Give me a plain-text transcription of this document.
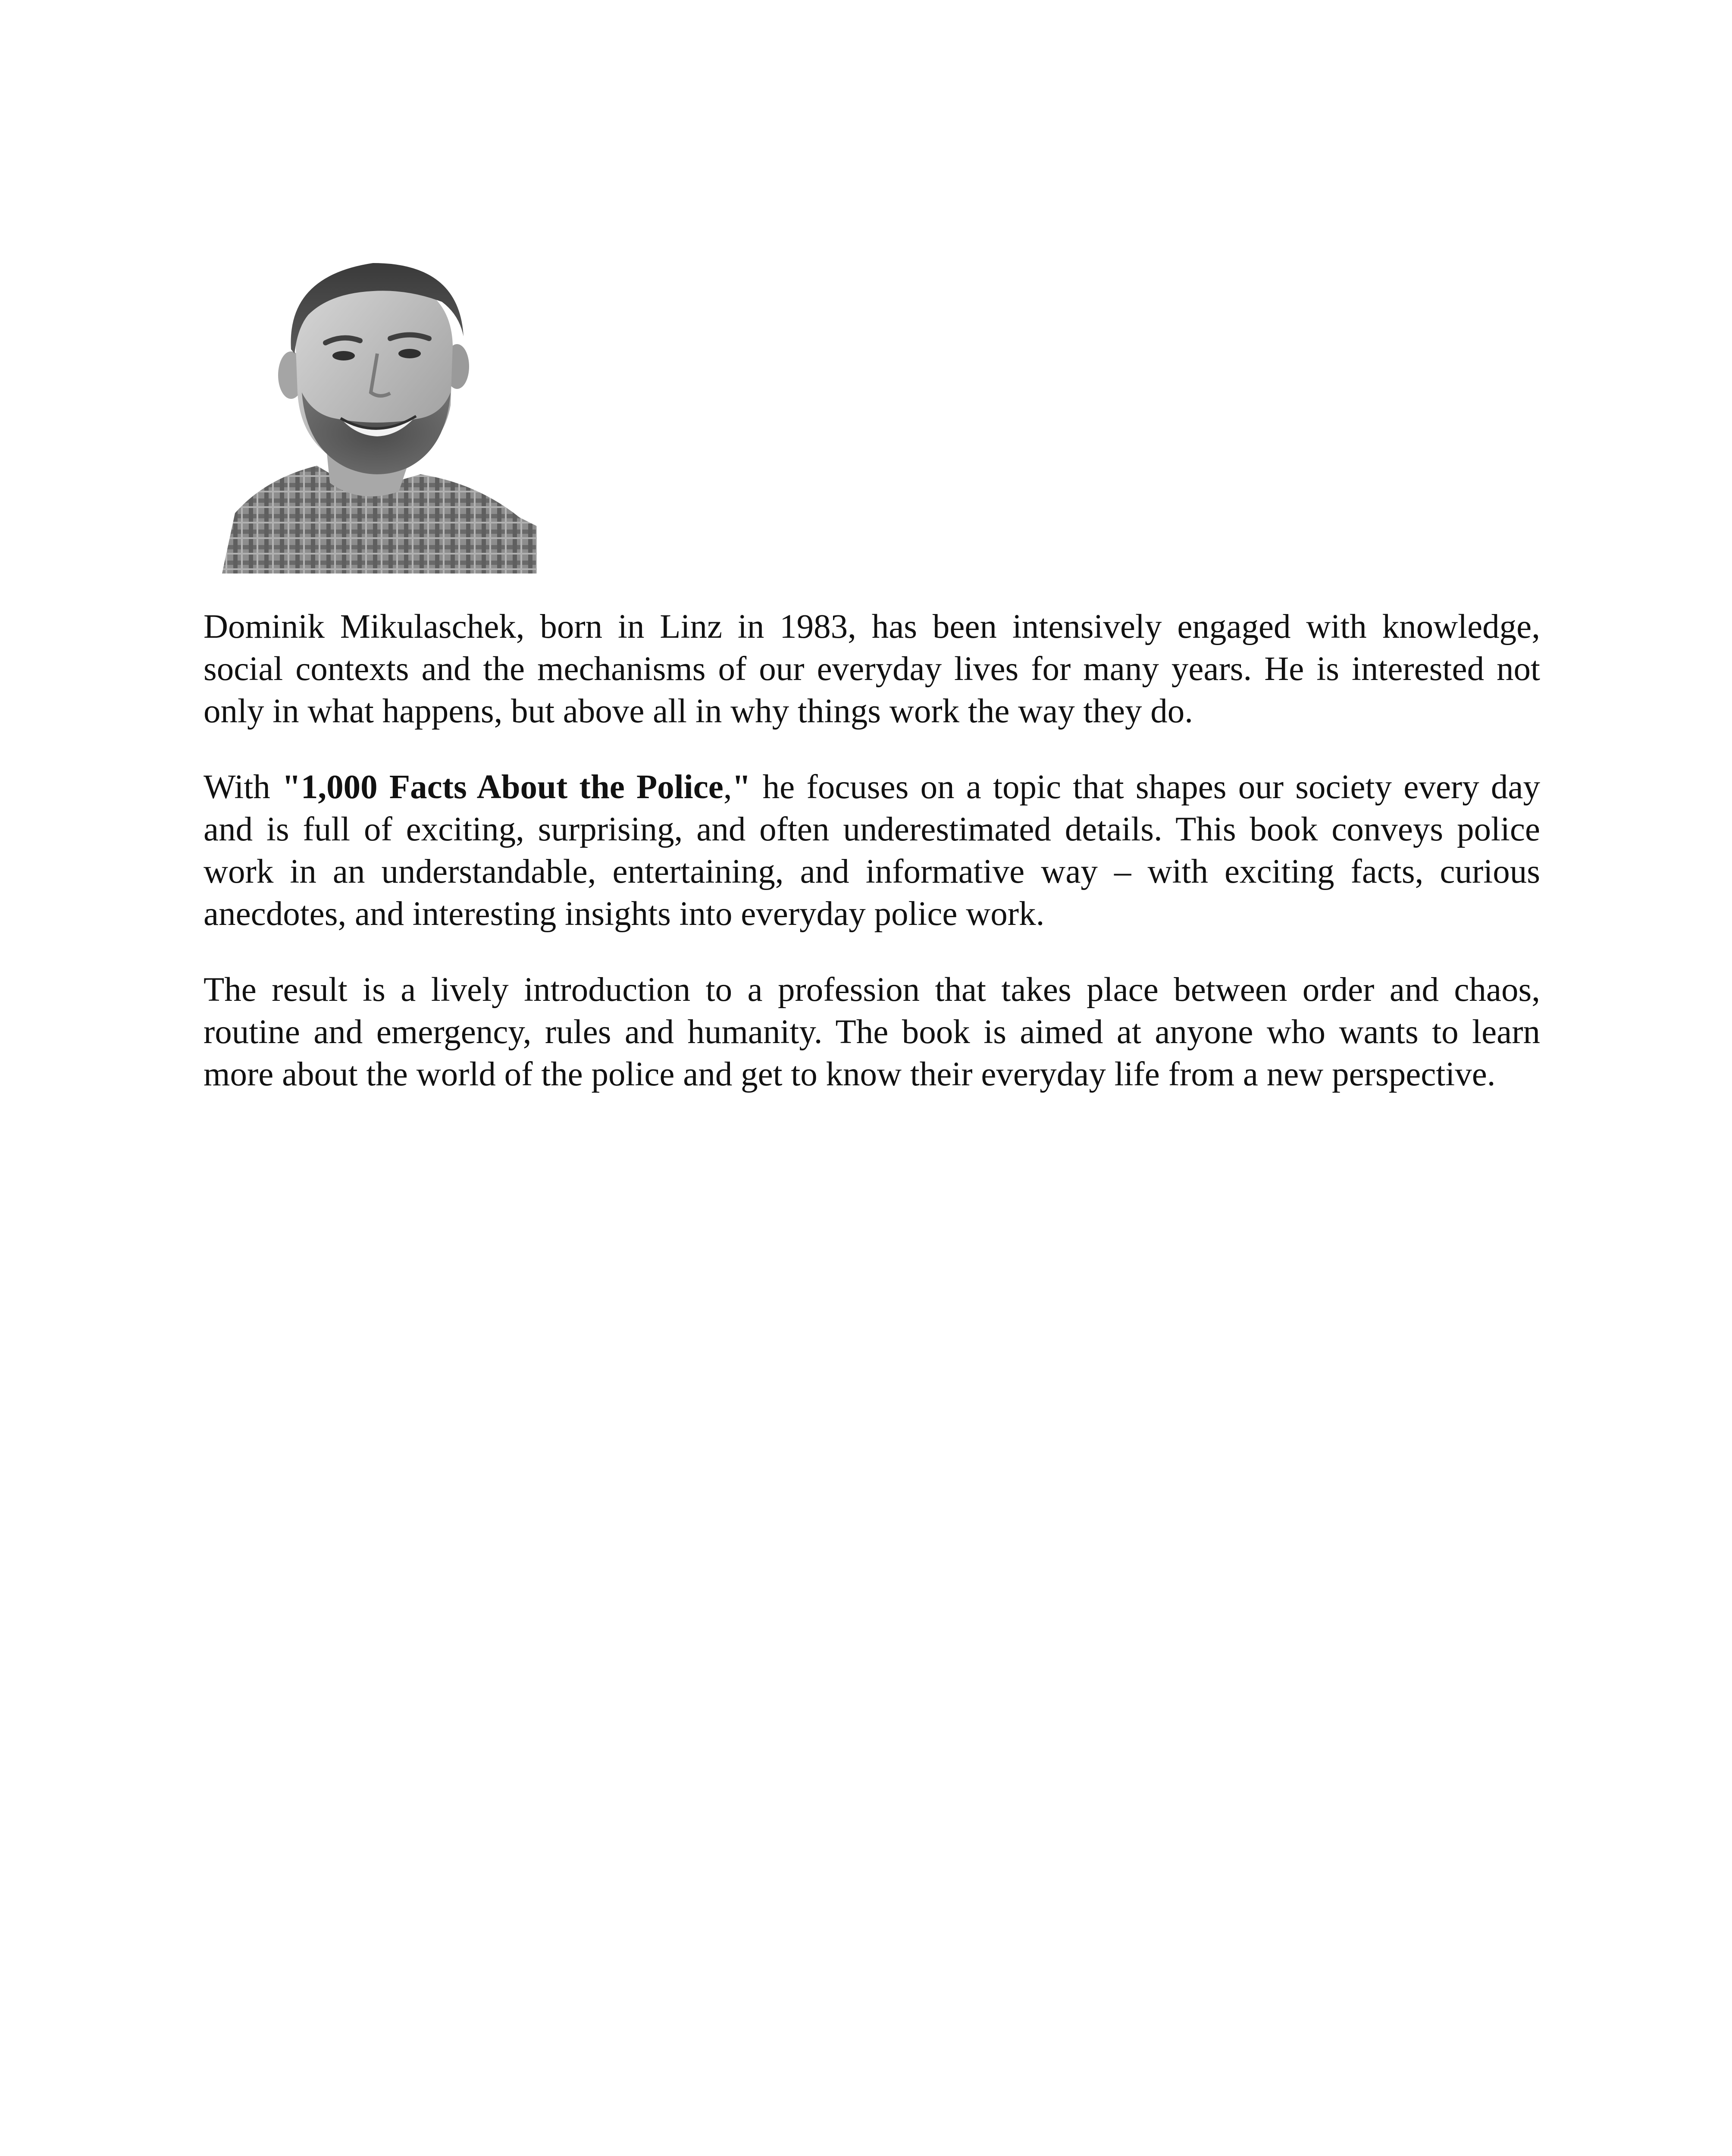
Dominik Mikulaschek, born in Linz in 1983, has been intensively engaged with knowledge, social contexts and the mechanisms of our everyday lives for many years. He is interested not only in what happens, but above all in why things work the way they do.

With "1,000 Facts About the Police," he focuses on a topic that shapes our society every day and is full of exciting, surprising, and often underestimated details. This book conveys police work in an understandable, entertaining, and informative way – with exciting facts, curious anecdotes, and interesting insights into everyday police work.

The result is a lively introduction to a profession that takes place between order and chaos, routine and emergency, rules and humanity. The book is aimed at anyone who wants to learn more about the world of the police and get to know their everyday life from a new perspective.
